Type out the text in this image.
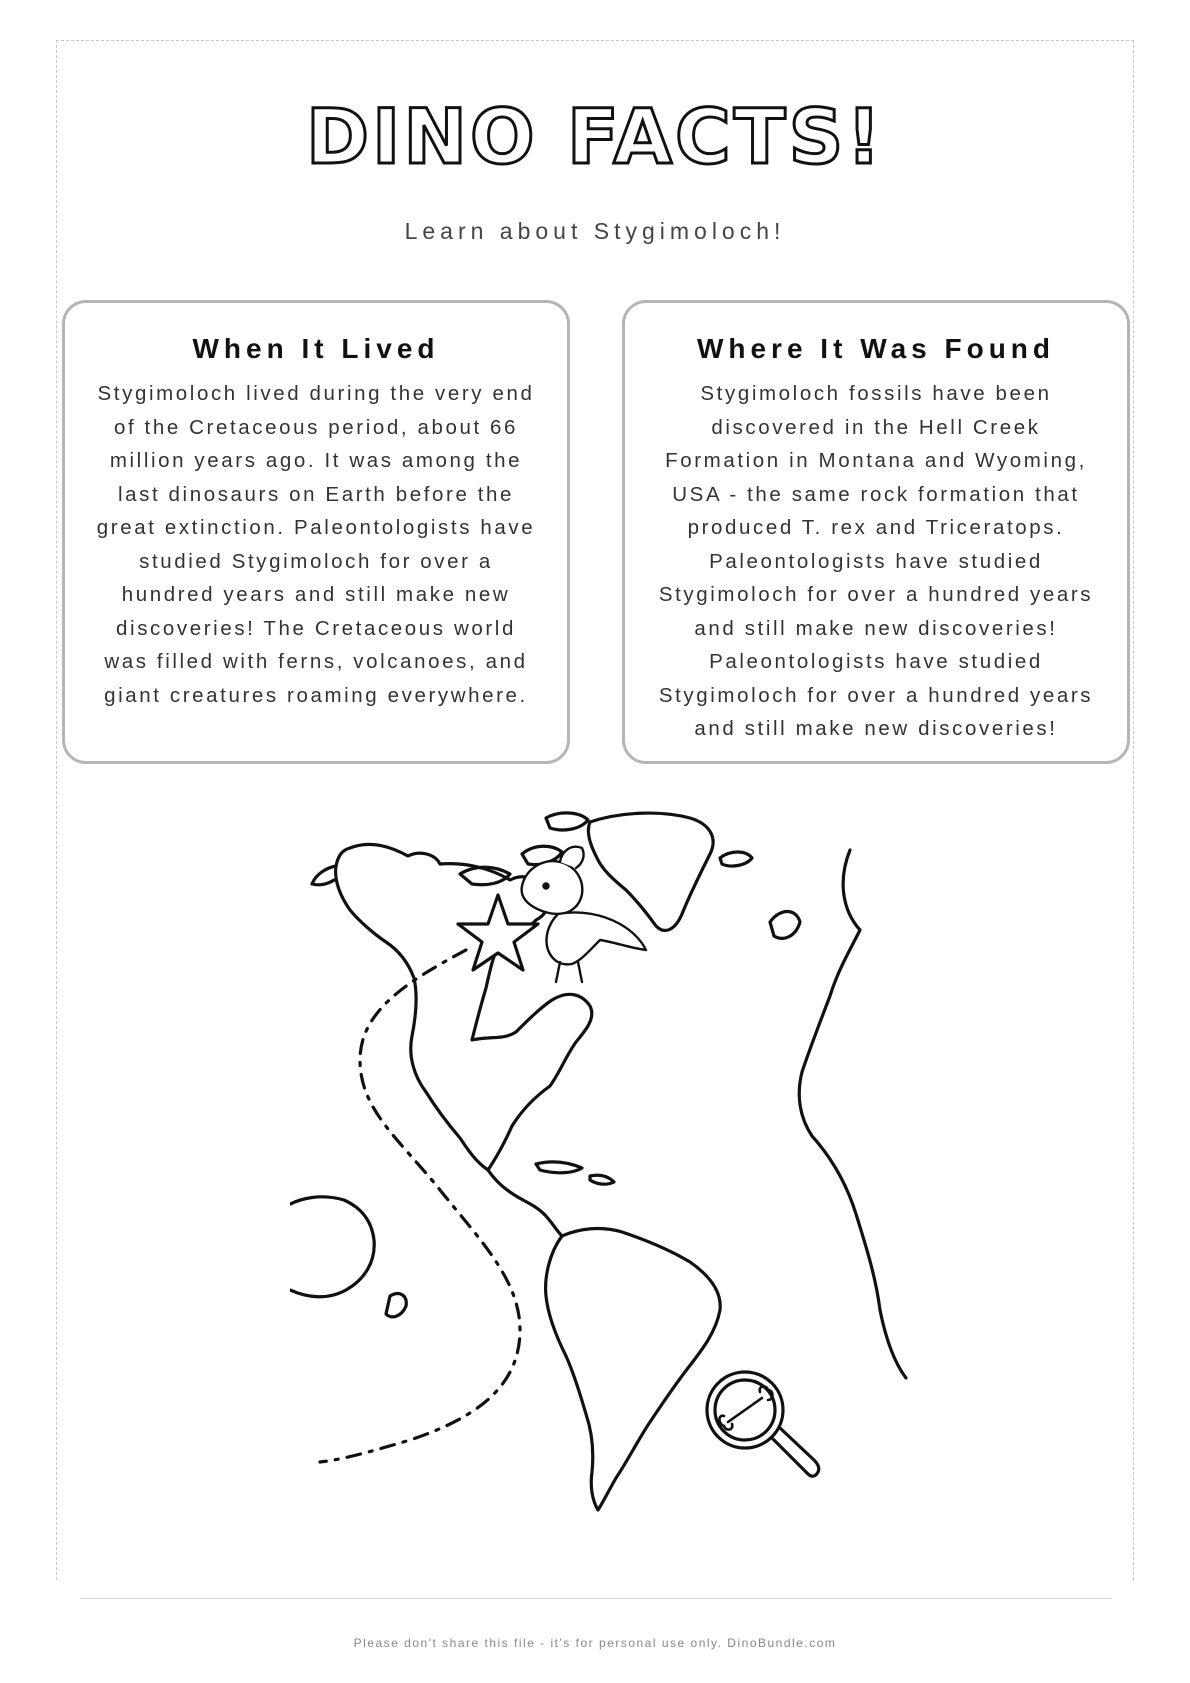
DINO FACTS!
Learn about Stygimoloch!
When It Lived

Stygimoloch lived during the very end of the Cretaceous period, about 66 million years ago. It was among the last dinosaurs on Earth before the great extinction. Paleontologists have studied Stygimoloch for over a hundred years and still make new discoveries! The Cretaceous world was filled with ferns, volcanoes, and giant creatures roaming everywhere.

Where It Was Found

Stygimoloch fossils have been discovered in the Hell Creek Formation in Montana and Wyoming, USA - the same rock formation that produced T. rex and Triceratops. Paleontologists have studied Stygimoloch for over a hundred years and still make new discoveries! Paleontologists have studied Stygimoloch for over a hundred years and still make new discoveries!

Please don't share this file - it's for personal use only. DinoBundle.com
